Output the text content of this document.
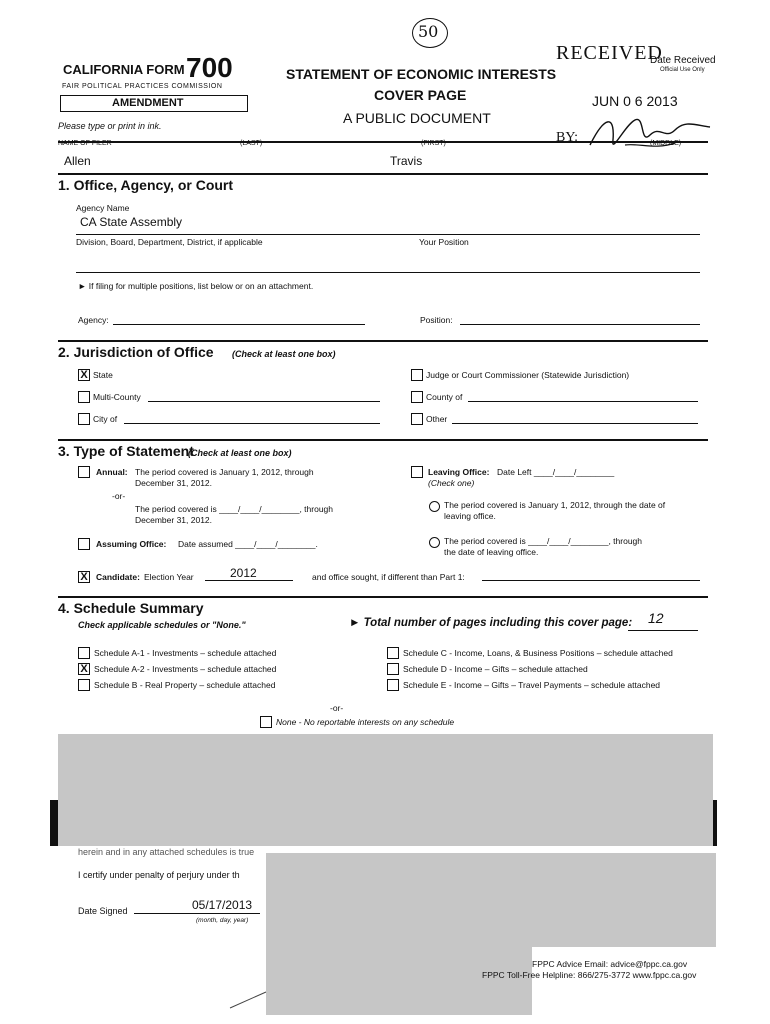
CALIFORNIA FORM 700
FAIR POLITICAL PRACTICES COMMISSION
AMENDMENT
Please type or print in ink.
STATEMENT OF ECONOMIC INTERESTS
COVER PAGE
A PUBLIC DOCUMENT
50
RECEIVED
Date Received
Official Use Only
JUN 0 6 2013
BY:
NAME OF FILER	(LAST)	(FIRST)	(MIDDLE)
Allen	Travis
1. Office, Agency, or Court
Agency Name
CA State Assembly
Division, Board, Department, District, if applicable	Your Position
► If filing for multiple positions, list below or on an attachment.
Agency:	Position:
2. Jurisdiction of Office (Check at least one box)
X State
Multi-County
City of
Judge or Court Commissioner (Statewide Jurisdiction)
County of
Other
3. Type of Statement
(Check at least one box)
Annual: The period covered is January 1, 2012, through
December 31, 2012.
-or-
The period covered is ____/____/________, through
December 31, 2012.
Assuming Office: Date assumed ____/____/________.
Leaving Office: Date Left ____/____/________
(Check one)
The period covered is January 1, 2012, through the date of
leaving office.
The period covered is ____/____/________, through
the date of leaving office.
X Candidate: Election Year	2012	and office sought, if different than Part 1:
4. Schedule Summary
Check applicable schedules or "None."	► Total number of pages including this cover page: 12
Schedule A-1 - Investments – schedule attached
X Schedule A-2 - Investments – schedule attached
Schedule B - Real Property – schedule attached
Schedule C - Income, Loans, & Business Positions – schedule attached
Schedule D - Income – Gifts – schedule attached
Schedule E - Income – Gifts – Travel Payments – schedule attached
-or-
None - No reportable interests on any schedule
herein and in any attached schedules is true
I certify under penalty of perjury under th
Date Signed	05/17/2013
(month, day, year)
FPPC Advice Email: advice@fppc.ca.gov
FPPC Toll-Free Helpline: 866/275-3772 www.fppc.ca.gov
